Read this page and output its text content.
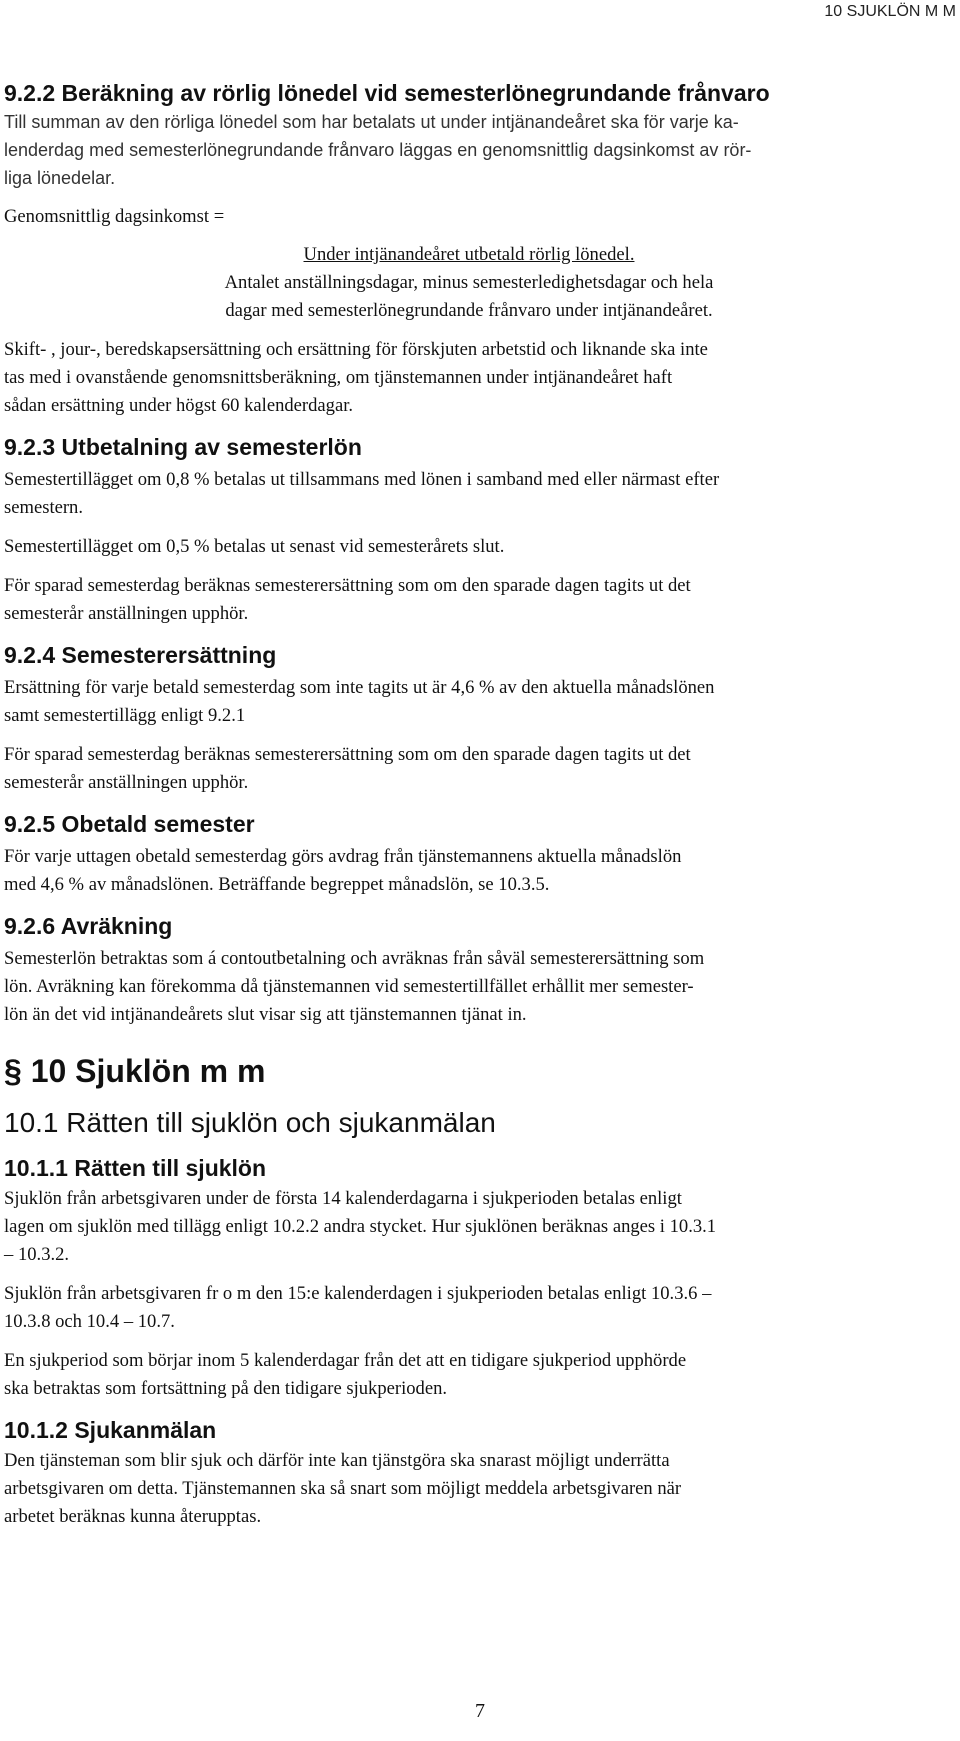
10 SJUKLÖN M M
9.2.2 Beräkning av rörlig lönedel vid semesterlönegrundande frånvaro

Till summan av den rörliga lönedel som har betalats ut under intjänandeåret ska för varje ka-

lenderdag med semesterlönegrundande frånvaro läggas en genomsnittlig dagsinkomst av rör-

liga lönedelar.

Genomsnittlig dagsinkomst =

Under intjänandeåret utbetald rörlig lönedel.

Antalet anställningsdagar, minus semesterledighetsdagar och hela

dagar med semesterlönegrundande frånvaro under intjänandeåret.

Skift- , jour-, beredskapsersättning och ersättning för förskjuten arbetstid och liknande ska inte

tas med i ovanstående genomsnittsberäkning, om tjänstemannen under intjänandeåret haft

sådan ersättning under högst 60 kalenderdagar.

9.2.3 Utbetalning av semesterlön

Semestertillägget om 0,8 % betalas ut tillsammans med lönen i samband med eller närmast efter

semestern.

Semestertillägget om 0,5 % betalas ut senast vid semesterårets slut.

För sparad semesterdag beräknas semesterersättning som om den sparade dagen tagits ut det

semesterår anställningen upphör.

9.2.4 Semesterersättning

Ersättning för varje betald semesterdag som inte tagits ut är 4,6 % av den aktuella månadslönen

samt semestertillägg enligt 9.2.1

För sparad semesterdag beräknas semesterersättning som om den sparade dagen tagits ut det

semesterår anställningen upphör.

9.2.5 Obetald semester

För varje uttagen obetald semesterdag görs avdrag från tjänstemannens aktuella månadslön

med 4,6 % av månadslönen. Beträffande begreppet månadslön, se 10.3.5.

9.2.6 Avräkning

Semesterlön betraktas som á contoutbetalning och avräknas från såväl semesterersättning som

lön. Avräkning kan förekomma då tjänstemannen vid semestertillfället erhållit mer semester-

lön än det vid intjänandeårets slut visar sig att tjänstemannen tjänat in.

§ 10 Sjuklön m m
10.1 Rätten till sjuklön och sjukanmälan
10.1.1 Rätten till sjuklön

Sjuklön från arbetsgivaren under de första 14 kalenderdagarna i sjukperioden betalas enligt

lagen om sjuklön med tillägg enligt 10.2.2 andra stycket. Hur sjuklönen beräknas anges i 10.3.1

– 10.3.2.

Sjuklön från arbetsgivaren fr o m den 15:e kalenderdagen i sjukperioden betalas enligt 10.3.6 –

10.3.8 och 10.4 – 10.7.

En sjukperiod som börjar inom 5 kalenderdagar från det att en tidigare sjukperiod upphörde

ska betraktas som fortsättning på den tidigare sjukperioden.

10.1.2 Sjukanmälan

Den tjänsteman som blir sjuk och därför inte kan tjänstgöra ska snarast möjligt underrätta

arbetsgivaren om detta. Tjänstemannen ska så snart som möjligt meddela arbetsgivaren när

arbetet beräknas kunna återupptas.

7
